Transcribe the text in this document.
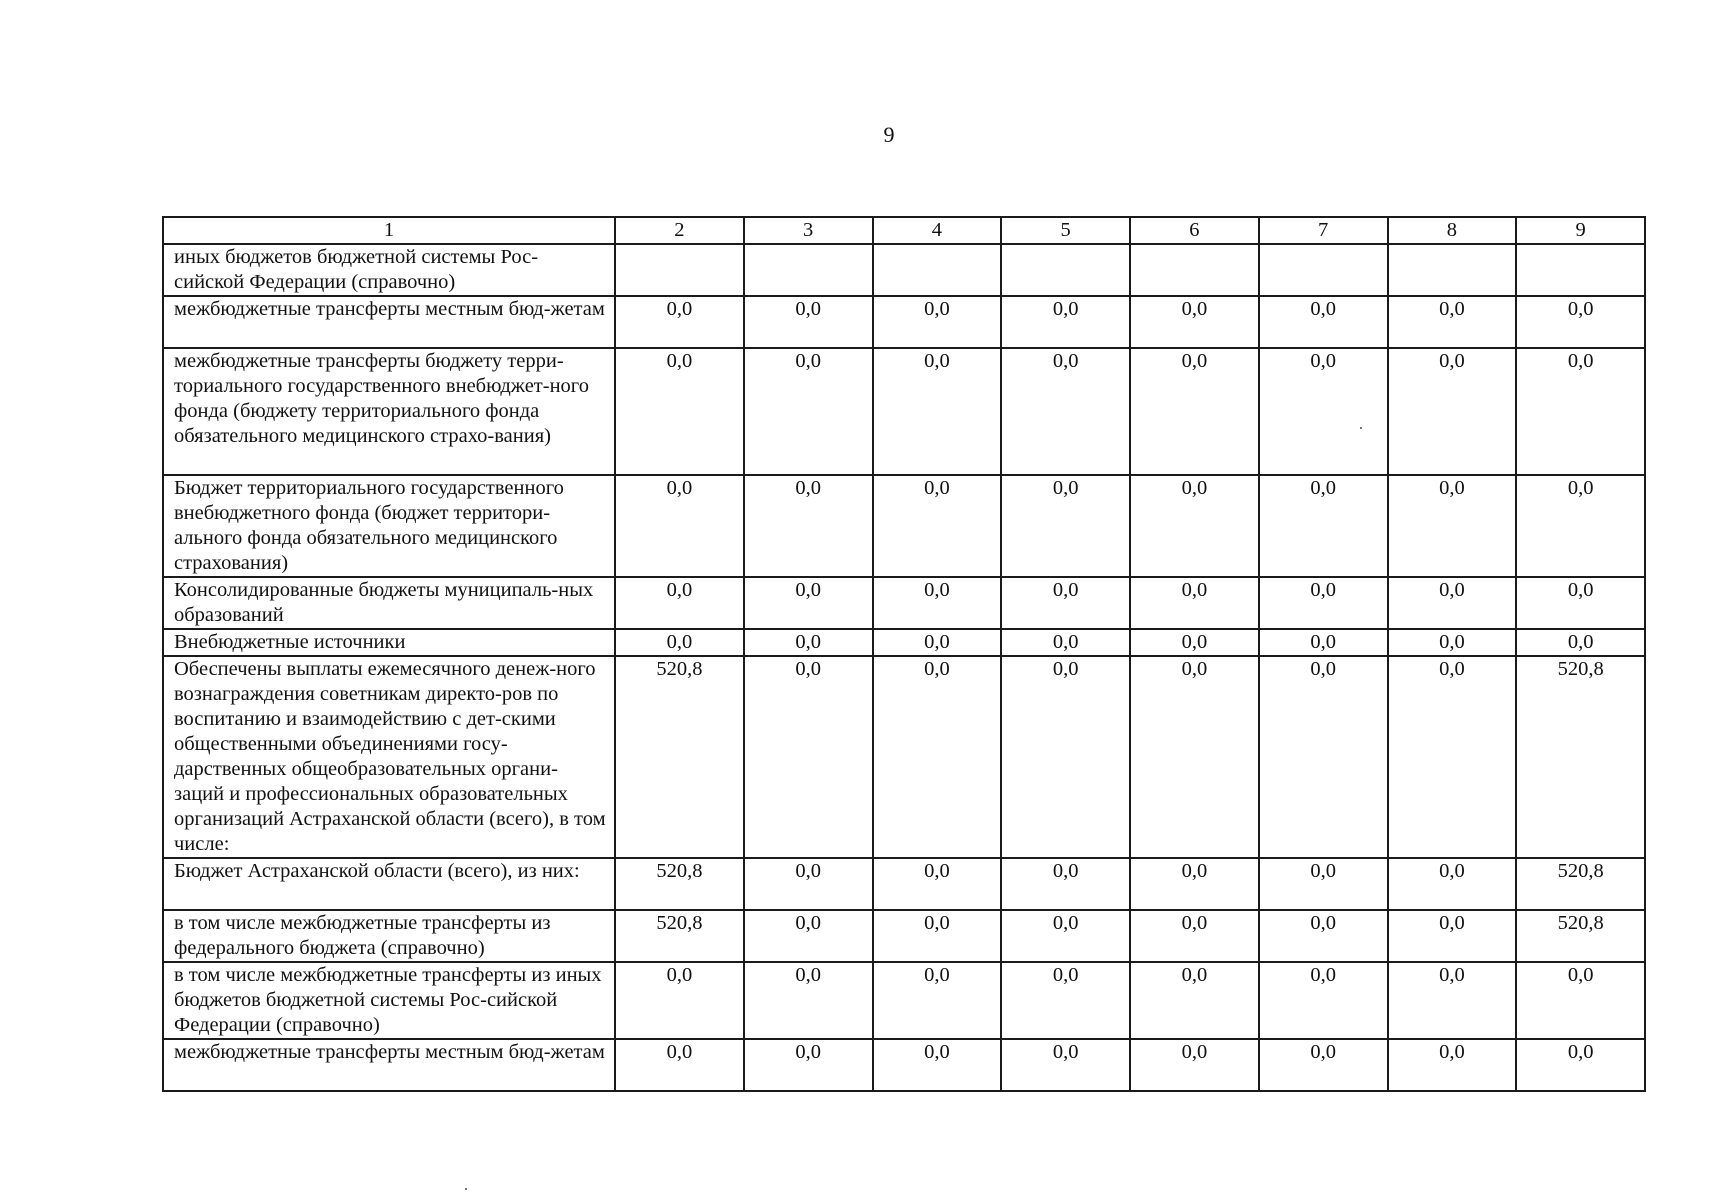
9
1	2	3	4	5	6	7	8	9
иных бюджетов бюджетной системы Рос-сийской Федерации (справочно)								
межбюджетные трансферты местным бюд-жетам	0,0	0,0	0,0	0,0	0,0	0,0	0,0	0,0
межбюджетные трансферты бюджету терри-ториального государственного внебюджет-ного фонда (бюджету территориального фонда обязательного медицинского страхо-вания)	0,0	0,0	0,0	0,0	0,0	0,0	0,0	0,0
Бюджет территориального государственного внебюджетного фонда (бюджет территори-ального фонда обязательного медицинского страхования)	0,0	0,0	0,0	0,0	0,0	0,0	0,0	0,0
Консолидированные бюджеты муниципаль-ных образований	0,0	0,0	0,0	0,0	0,0	0,0	0,0	0,0
Внебюджетные источники	0,0	0,0	0,0	0,0	0,0	0,0	0,0	0,0
Обеспечены выплаты ежемесячного денеж-ного вознаграждения советникам директо-ров по воспитанию и взаимодействию с дет-скими общественными объединениями госу-дарственных общеобразовательных органи-заций и профессиональных образовательных организаций Астраханской области (всего), в том числе:	520,8	0,0	0,0	0,0	0,0	0,0	0,0	520,8
Бюджет Астраханской области (всего), из них:	520,8	0,0	0,0	0,0	0,0	0,0	0,0	520,8
в том числе межбюджетные трансферты из федерального бюджета (справочно)	520,8	0,0	0,0	0,0	0,0	0,0	0,0	520,8
в том числе межбюджетные трансферты из иных бюджетов бюджетной системы Рос-сийской Федерации (справочно)	0,0	0,0	0,0	0,0	0,0	0,0	0,0	0,0
межбюджетные трансферты местным бюд-жетам	0,0	0,0	0,0	0,0	0,0	0,0	0,0	0,0
